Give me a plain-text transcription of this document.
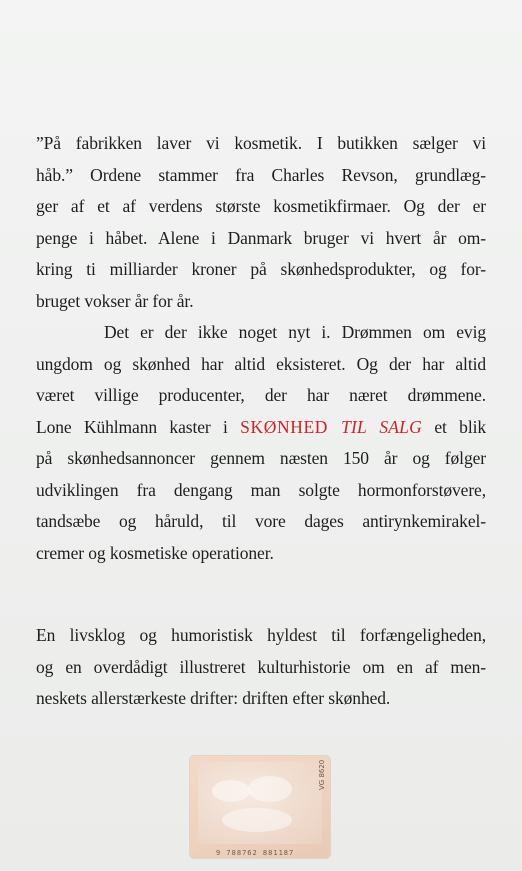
”På fabrikken laver vi kosmetik. I butikken sælger vi
håb.” Ordene stammer fra Charles Revson, grundlæg-
ger af et af verdens største kosmetikfirmaer. Og der er
penge i håbet. Alene i Danmark bruger vi hvert år om-
kring ti milliarder kroner på skønhedsprodukter, og for-
bruget vokser år for år.
Det er der ikke noget nyt i. Drømmen om evig
ungdom og skønhed har altid eksisteret. Og der har altid
været villige producenter, der har næret drømmene.
Lone Kühlmann kaster i SKØNHED TIL SALG et blik
på skønhedsannoncer gennem næsten 150 år og følger
udviklingen fra dengang man solgte hormonforstøvere,
tandsæbe og håruld, til vore dages antirynkemirakel-
cremer og kosmetiske operationer.
En livsklog og humoristisk hyldest til forfængeligheden,
og en overdådigt illustreret kulturhistorie om en af men-
neskets allerstærkeste drifter: driften efter skønhed.
9 788762 881187
VG 8620
